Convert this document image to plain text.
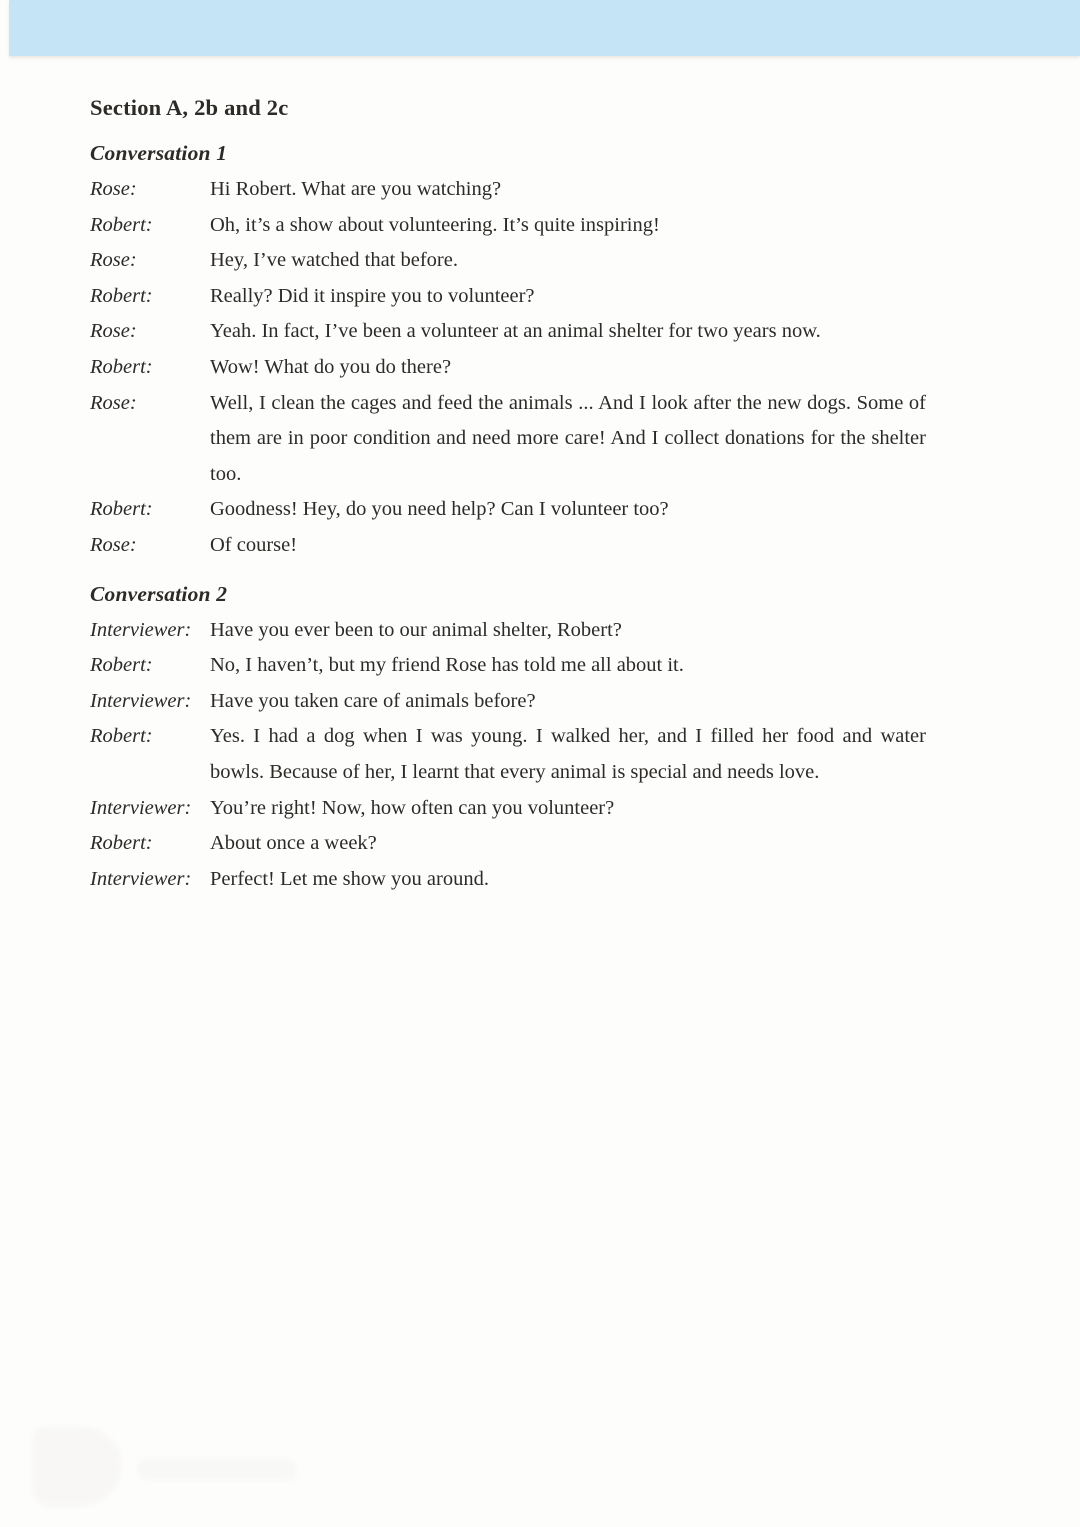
Section A, 2b and 2c
Conversation 1
Rose:	Hi Robert. What are you watching?
Robert:	Oh, it’s a show about volunteering. It’s quite inspiring!
Rose:	Hey, I’ve watched that before.
Robert:	Really? Did it inspire you to volunteer?
Rose:	Yeah. In fact, I’ve been a volunteer at an animal shelter for two years now.
Robert:	Wow! What do you do there?
Rose:	Well, I clean the cages and feed the animals ... And I look after the new dogs. Some of them are in poor condition and need more care! And I collect donations for the shelter too.
Robert:	Goodness! Hey, do you need help? Can I volunteer too?
Rose:	Of course!
Conversation 2
Interviewer: Have you ever been to our animal shelter, Robert?
Robert:	No, I haven’t, but my friend Rose has told me all about it.
Interviewer: Have you taken care of animals before?
Robert:	Yes. I had a dog when I was young. I walked her, and I filled her food and water bowls. Because of her, I learnt that every animal is special and needs love.
Interviewer: You’re right! Now, how often can you volunteer?
Robert:	About once a week?
Interviewer: Perfect! Let me show you around.
